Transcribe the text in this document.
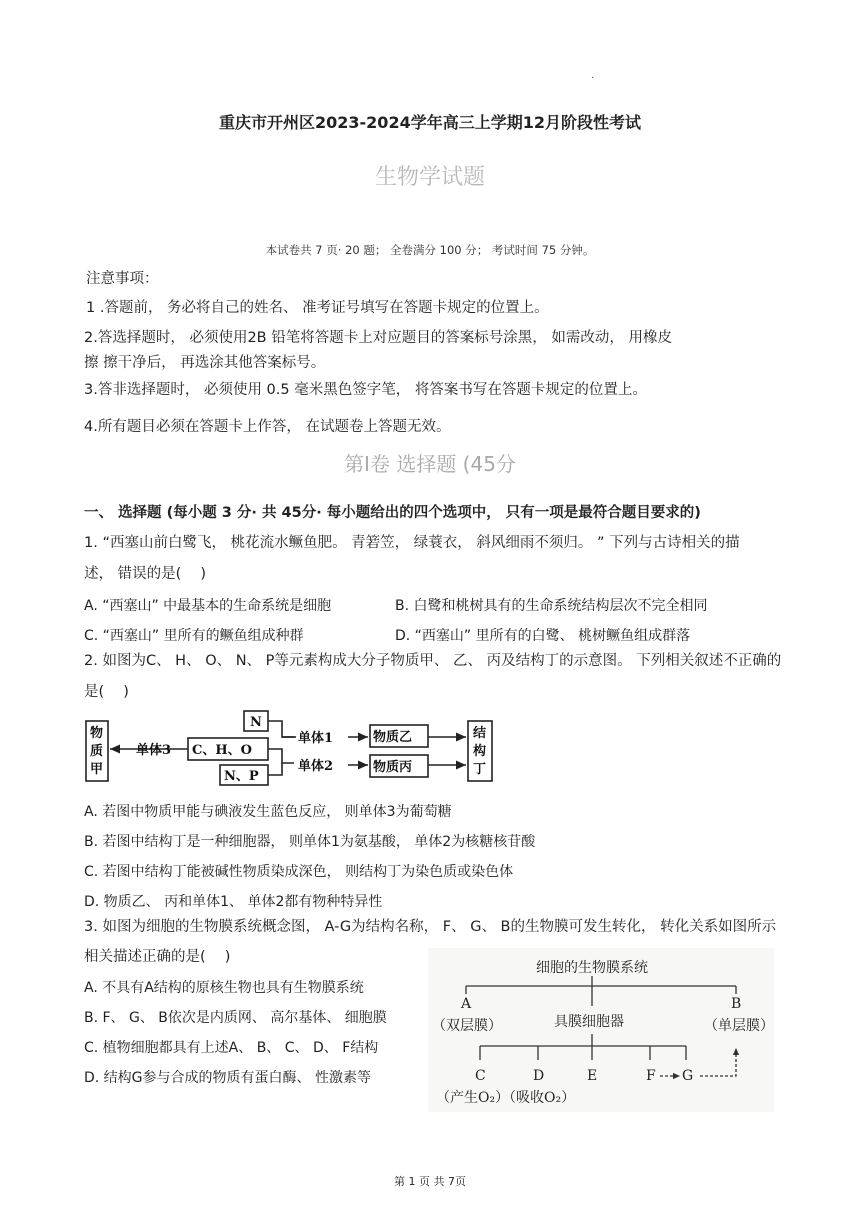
.
重庆市开州区2023-2024学年高三上学期12月阶段性考试
生物学试题
本试卷共 7 页· 20 题； 全卷满分 100 分； 考试时间 75 分钟。
注意事项：
1 .答题前， 务必将自己的姓名、 准考证号填写在答题卡规定的位置上。
2.答选择题时， 必须使用2B 铅笔将答题卡上对应题目的答案标号涂黑， 如需改动， 用橡皮
擦 擦干净后， 再选涂其他答案标号。
3.答非选择题时， 必须使用 0.5 毫米黑色签字笔， 将答案书写在答题卡规定的位置上。
4.所有题目必须在答题卡上作答， 在试题卷上答题无效。
第Ⅰ卷 选择题 (45分
一、 选择题 (每小题 3 分· 共 45分· 每小题给出的四个选项中， 只有一项是最符合题目要求的)
1. “西塞山前白鹭飞， 桃花流水鳜鱼肥。 青箬笠， 绿蓑衣， 斜风细雨不须归。 ” 下列与古诗相关的描
述， 错误的是(　 )
A. “西塞山” 中最基本的生命系统是细胞	B. 白鹭和桃树具有的生命系统结构层次不完全相同
C. “西塞山” 里所有的鳜鱼组成种群	D. “西塞山” 里所有的白鹭、 桃树鳜鱼组成群落
2. 如图为C、 H、 O、 N、 P等元素构成大分子物质甲、 乙、 丙及结构丁的示意图。 下列相关叙述不正确的
是(　 )
物
质
甲
单体3 C、H、O
N
N、P
单体1
单体2
物质乙
物质丙
结
构
丁
A. 若图中物质甲能与碘液发生蓝色反应， 则单体3为葡萄糖
B. 若图中结构丁是一种细胞器， 则单体1为氨基酸， 单体2为核糖核苷酸
C. 若图中结构丁能被碱性物质染成深色， 则结构丁为染色质或染色体
D. 物质乙、 丙和单体1、 单体2都有物种特异性
3. 如图为细胞的生物膜系统概念图， A-G为结构名称， F、 G、 B的生物膜可发生转化， 转化关系如图所示
相关描述正确的是(　 )
A. 不具有A结构的原核生物也具有生物膜系统
B. F、 G、 B依次是内质网、 高尔基体、 细胞膜
C. 植物细胞都具有上述A、 B、 C、 D、 F结构
D. 结构G参与合成的物质有蛋白酶、 性激素等
细胞的生物膜系统
A
（双层膜）	具膜细胞器
B
（单层膜）
C
（产生O₂）
D
（吸收O₂）
E	F G
第 1 页 共 7页
